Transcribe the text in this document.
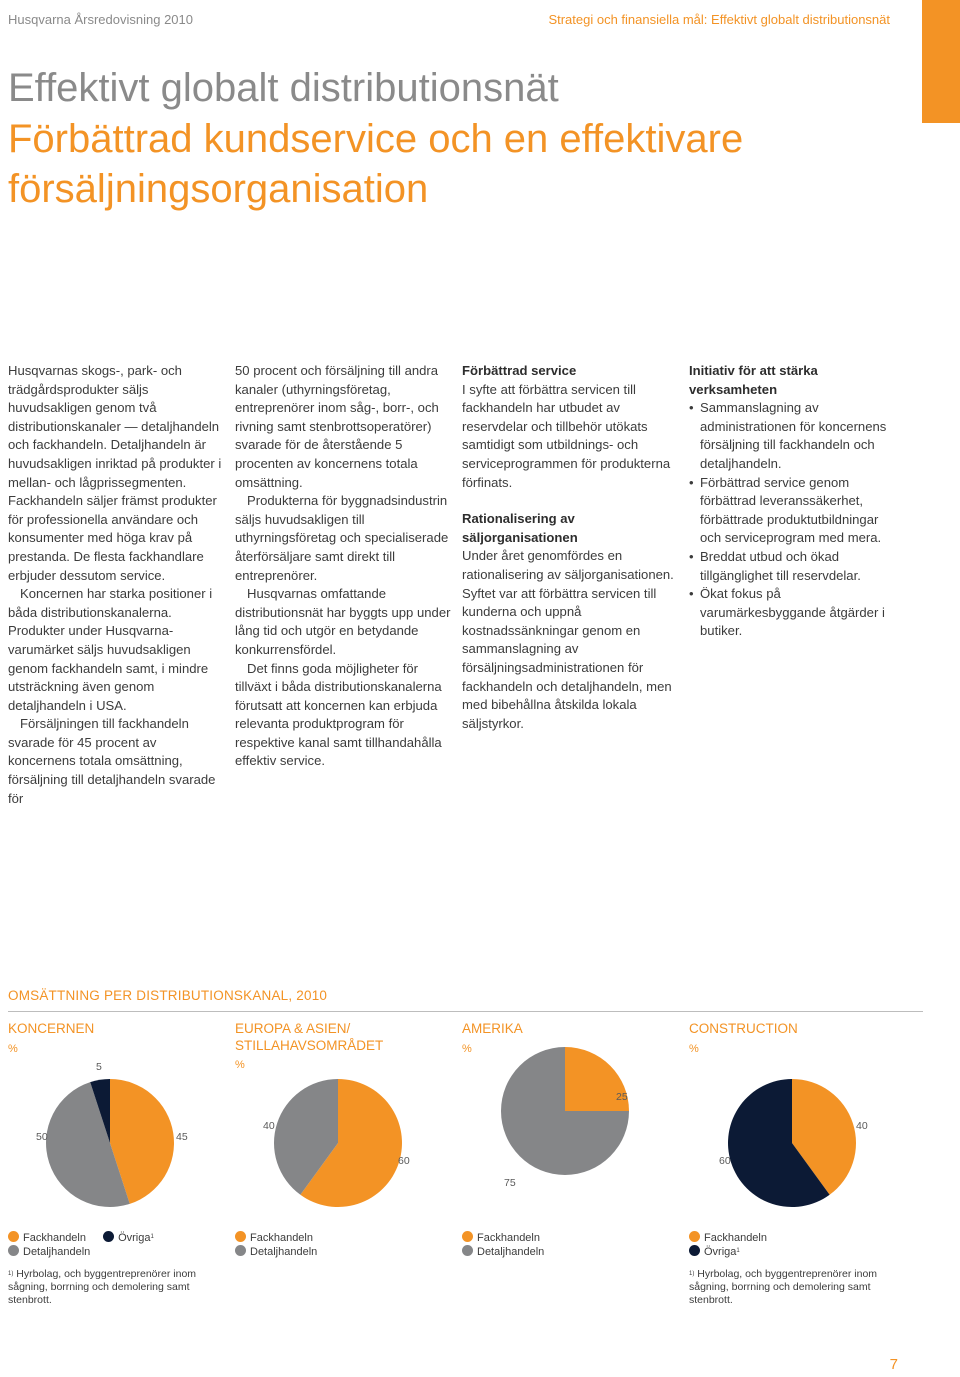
Husqvarna Årsredovisning 2010	Strategi och finansiella mål: Effektivt globalt distributionsnät
Effektivt globalt distributionsnät
Förbättrad kundservice och en effektivare
försäljningsorganisation

Husqvarnas skogs-, park- och trädgårdsprodukter säljs huvudsakligen genom två distributionskanaler — detaljhandeln och fackhandeln. Detaljhandeln är huvudsakligen inriktad på produkter i mellan- och lågprissegmenten. Fackhandeln säljer främst produkter för professionella användare och konsumenter med höga krav på prestanda. De flesta fackhandlare erbjuder dessutom service.

Koncernen har starka positioner i båda distributionskanalerna. Produkter under Husqvarna-varumärket säljs huvudsakligen genom fackhandeln samt, i mindre utsträckning även genom detaljhandeln i USA.

Försäljningen till fackhandeln svarade för 45 procent av koncernens totala omsättning, försäljning till detaljhandeln svarade för

50 procent och försäljning till andra kanaler (uthyrningsföretag, entreprenörer inom såg-, borr-, och rivning samt stenbrottsoperatörer) svarade för de återstående 5 procenten av koncernens totala omsättning.

Produkterna för byggnadsindustrin säljs huvudsakligen till uthyrningsföretag och specialiserade återförsäljare samt direkt till entreprenörer.

Husqvarnas omfattande distributionsnät har byggts upp under lång tid och utgör en betydande konkurrensfördel.

Det finns goda möjligheter för tillväxt i båda distributionskanalerna förutsatt att koncernen kan erbjuda relevanta produktprogram för respektive kanal samt tillhandahålla effektiv service.

Förbättrad service

I syfte att förbättra servicen till fackhandeln har utbudet av reservdelar och tillbehör utökats samtidigt som utbildnings- och serviceprogrammen för produkterna förfinats.

Rationalisering av säljorganisationen

Under året genomfördes en rationalisering av säljorganisationen. Syftet var att förbättra servicen till kunderna och uppnå kostnadssänkningar genom en sammanslagning av försäljningsadministrationen för fackhandeln och detaljhandeln, men med bibehållna åtskilda lokala säljstyrkor.

Initiativ för att stärka verksamheten

• Sammanslagning av administrationen för koncernens försäljning till fackhandeln och detaljhandeln.
• Förbättrad service genom förbättrad leveranssäkerhet, förbättrade produktutbildningar och serviceprogram med mera.
• Breddat utbud och ökad tillgänglighet till reservdelar.
• Ökat fokus på varumärkesbyggande åtgärder i butiker.
OMSÄTTNING PER DISTRIBUTIONSKANAL, 2010
KONCERNEN
%
5
45
50
EUROPA & ASIEN/ STILLAHAVSOMRÅDET
%
40
60
AMERIKA
%
25
75
CONSTRUCTION
%
40
60
Fackhandeln	Övriga$^1$
Detaljhandeln
Fackhandeln
Detaljhandeln
Fackhandeln
Detaljhandeln
Fackhandeln
Övriga$^1$
$^{1)}$ Hyrbolag, och byggentreprenörer inom sågning, borrning och demolering samt stenbrott.
$^{1)}$ Hyrbolag, och byggentreprenörer inom sågning, borrning och demolering samt stenbrott.
7
